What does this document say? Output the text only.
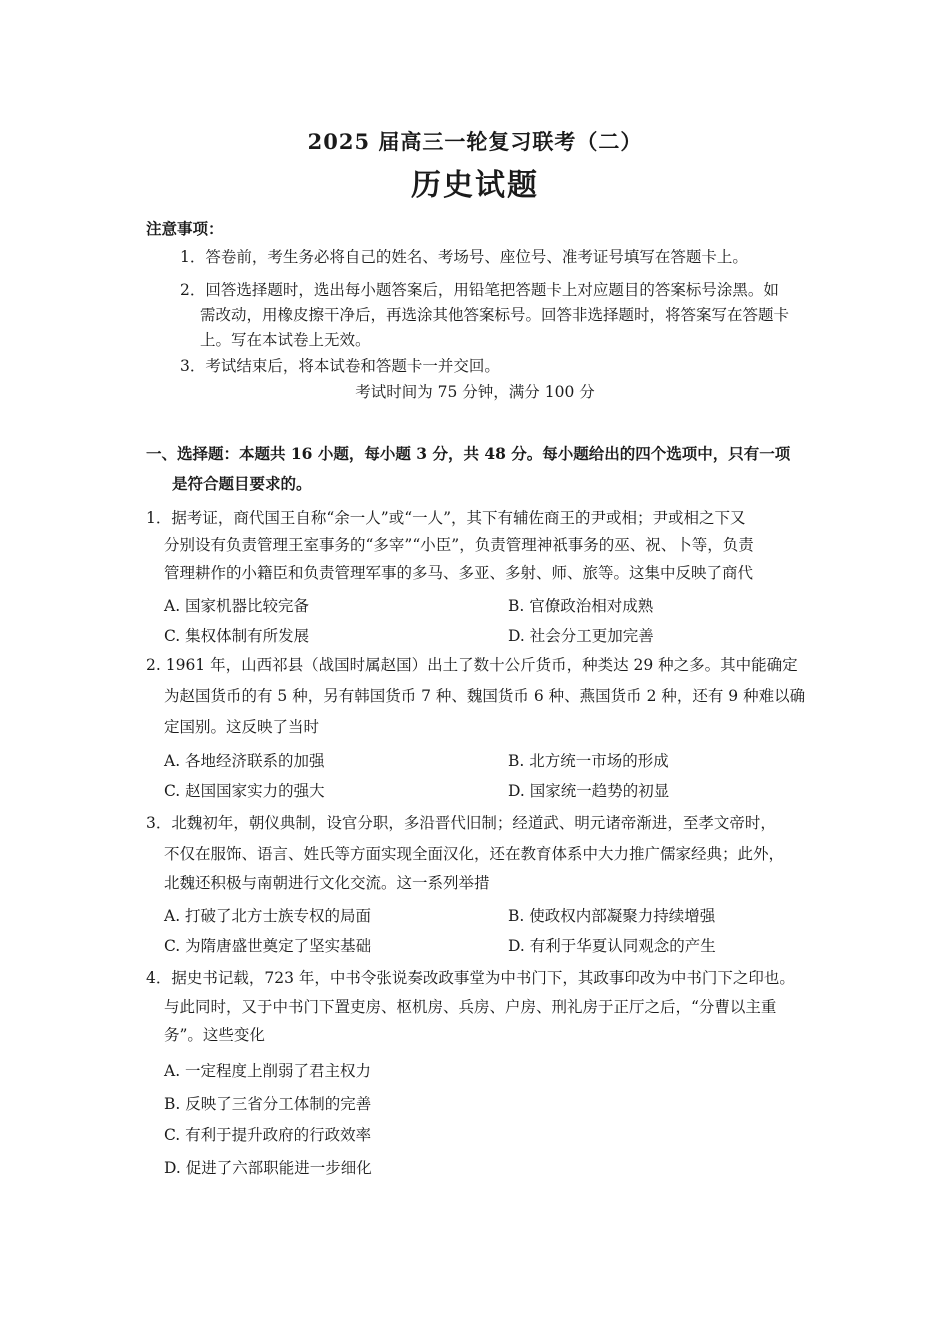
2025 届高三一轮复习联考（二）
历史试题
注意事项：
1．答卷前，考生务必将自己的姓名、考场号、座位号、准考证号填写在答题卡上。
2．回答选择题时，选出每小题答案后，用铅笔把答题卡上对应题目的答案标号涂黑。如
需改动，用橡皮擦干净后，再选涂其他答案标号。回答非选择题时，将答案写在答题卡
上。写在本试卷上无效。
3．考试结束后，将本试卷和答题卡一并交回。
考试时间为 75 分钟，满分 100 分
一、选择题：本题共 16 小题，每小题 3 分，共 48 分。每小题给出的四个选项中，只有一项
是符合题目要求的。
1．据考证，商代国王自称“余一人”或“一人”，其下有辅佐商王的尹或相；尹或相之下又
分别设有负责管理王室事务的“多宰”“小臣”，负责管理神祇事务的巫、祝、卜等，负责
管理耕作的小籍臣和负责管理军事的多马、多亚、多射、师、旅等。这集中反映了商代
A. 国家机器比较完备	B. 官僚政治相对成熟
C. 集权体制有所发展	D. 社会分工更加完善
2. 1961 年，山西祁县（战国时属赵国）出土了数十公斤货币，种类达 29 种之多。其中能确定
为赵国货币的有 5 种，另有韩国货币 7 种、魏国货币 6 种、燕国货币 2 种，还有 9 种难以确
定国别。这反映了当时
A. 各地经济联系的加强	B. 北方统一市场的形成
C. 赵国国家实力的强大	D. 国家统一趋势的初显
3．北魏初年，朝仪典制，设官分职，多沿晋代旧制；经道武、明元诸帝渐进，至孝文帝时，
不仅在服饰、语言、姓氏等方面实现全面汉化，还在教育体系中大力推广儒家经典；此外，
北魏还积极与南朝进行文化交流。这一系列举措
A. 打破了北方士族专权的局面	B. 使政权内部凝聚力持续增强
C. 为隋唐盛世奠定了坚实基础	D. 有利于华夏认同观念的产生
4．据史书记载，723 年，中书令张说奏改政事堂为中书门下，其政事印改为中书门下之印也。
与此同时，又于中书门下置吏房、枢机房、兵房、户房、刑礼房于正厅之后，“分曹以主重
务”。这些变化
A. 一定程度上削弱了君主权力
B. 反映了三省分工体制的完善
C. 有利于提升政府的行政效率
D. 促进了六部职能进一步细化
